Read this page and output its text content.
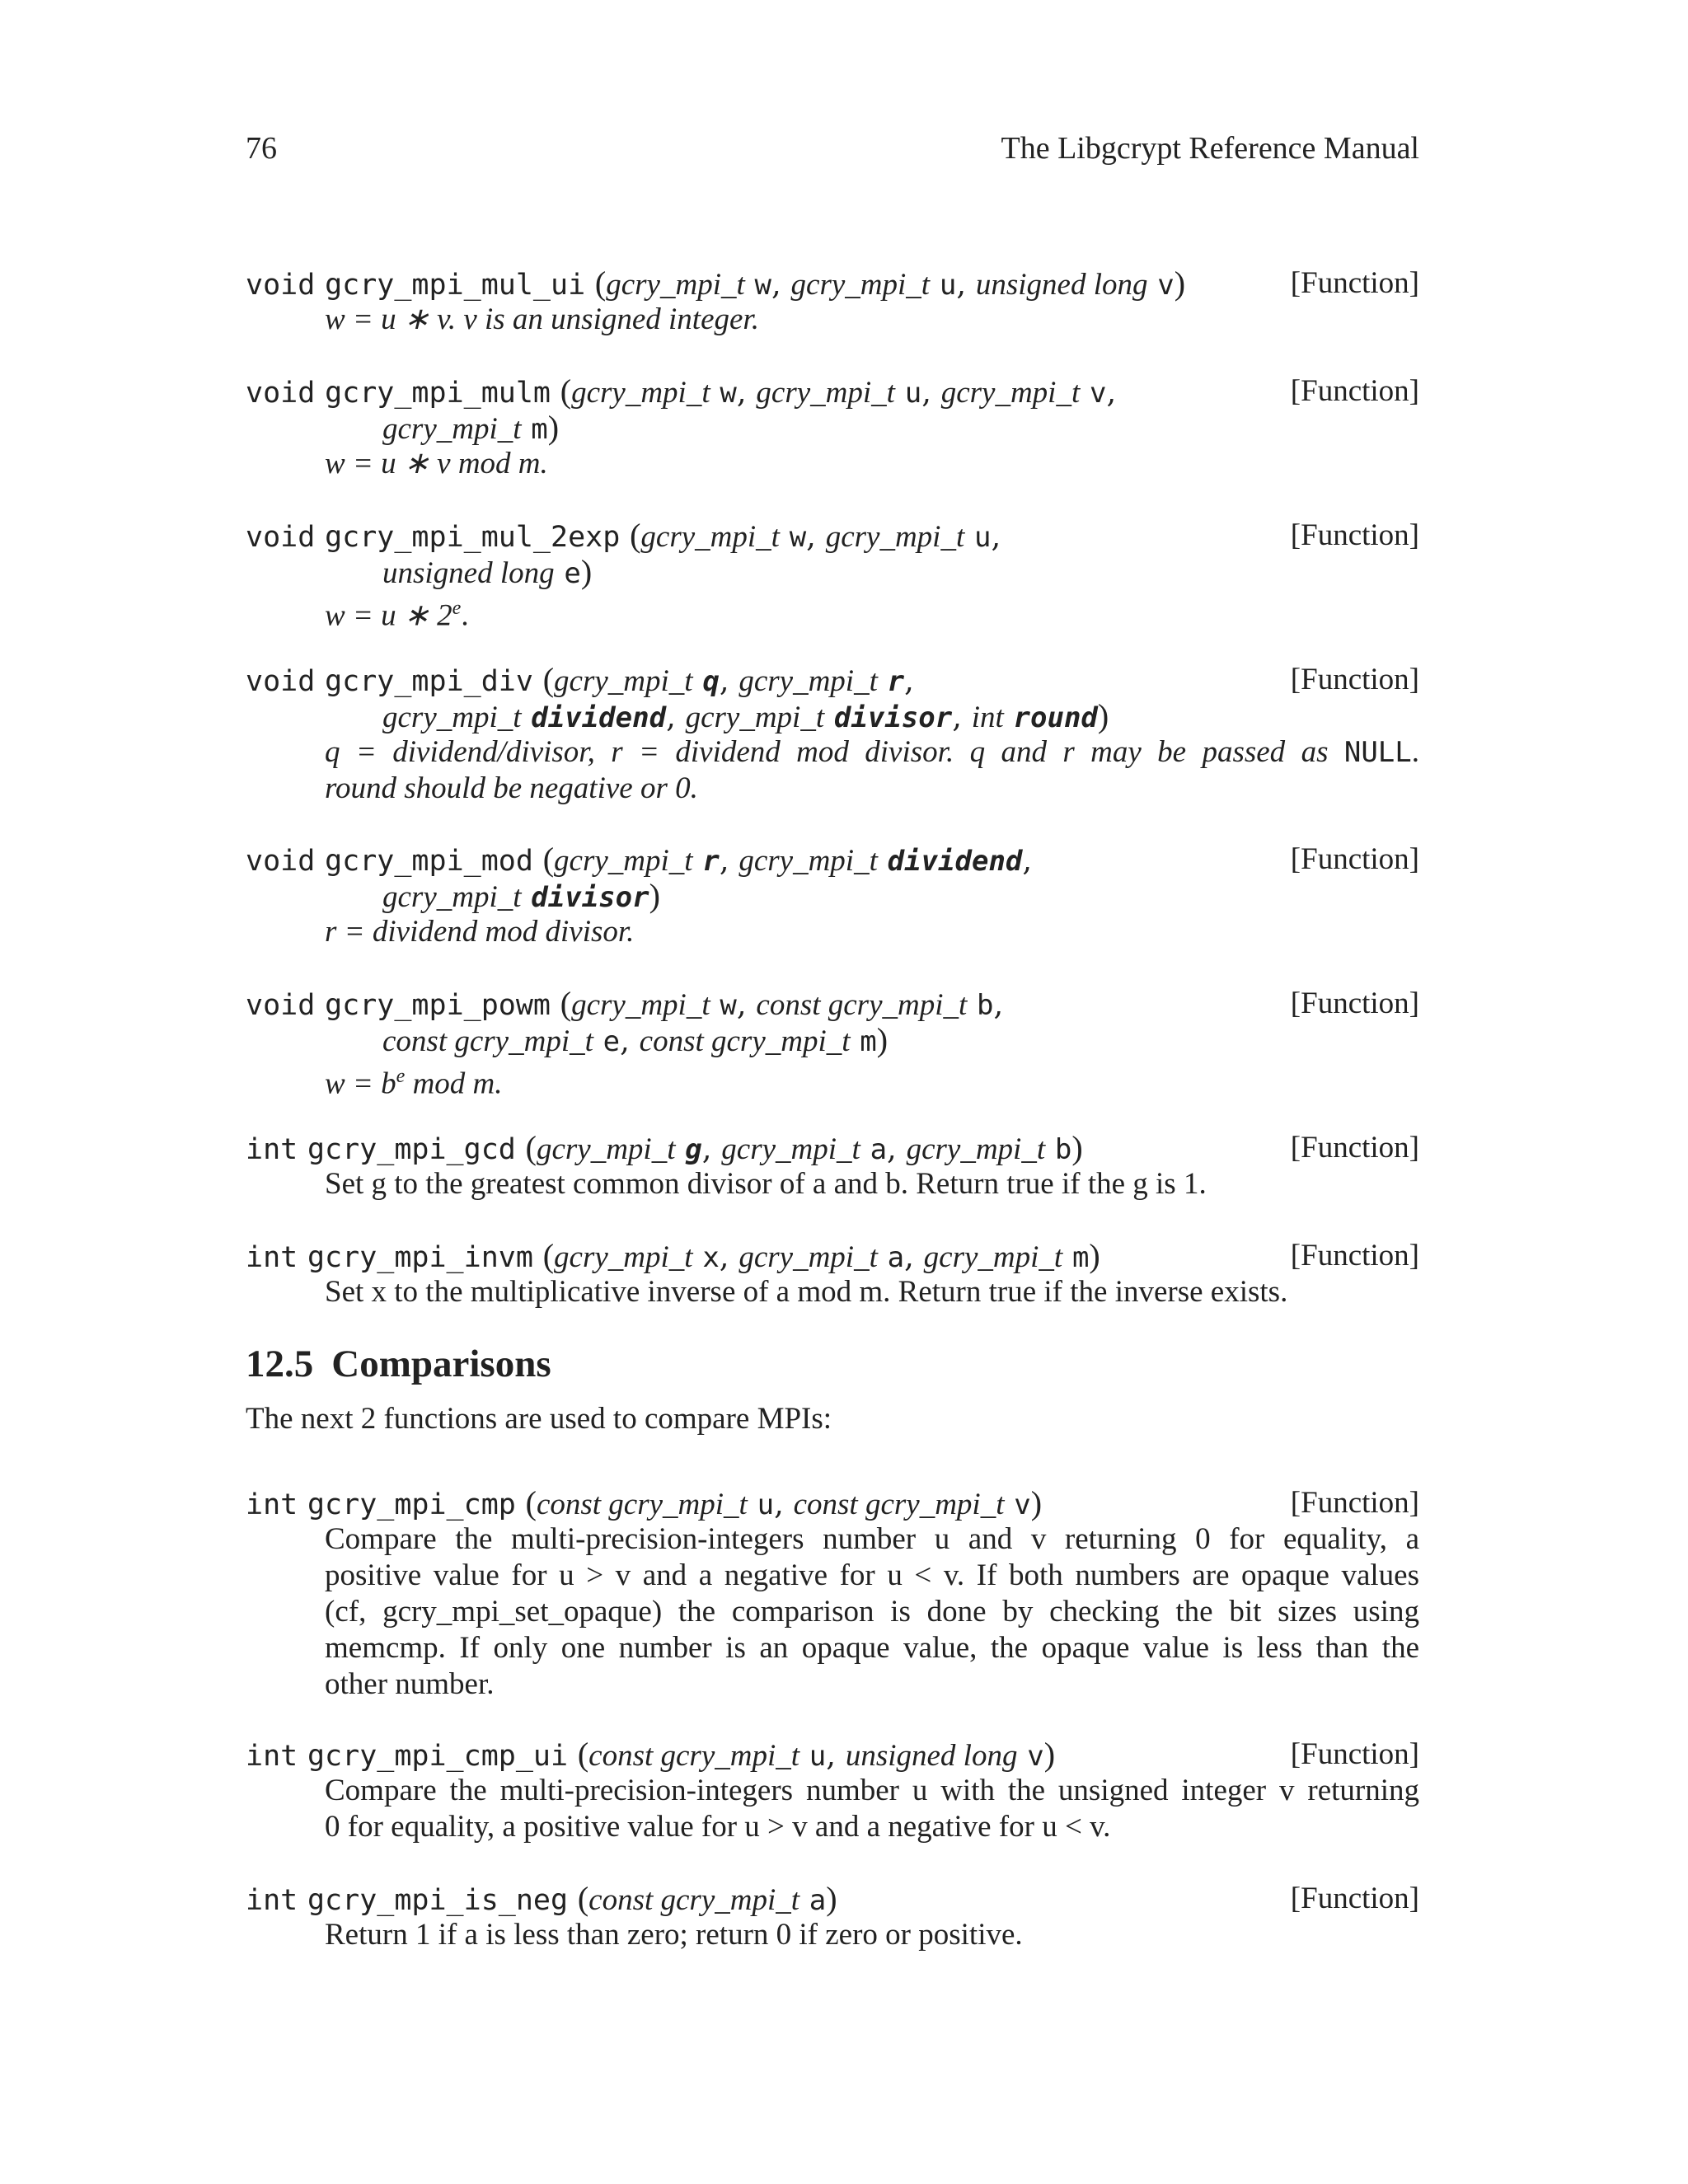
76	The Libgcrypt Reference Manual
void gcry_mpi_mul_ui (gcry_mpi_t w, gcry_mpi_t u, unsigned long v)	[Function]
w = u ∗ v. v is an unsigned integer.
void gcry_mpi_mulm (gcry_mpi_t w, gcry_mpi_t u, gcry_mpi_t v,	[Function]
gcry_mpi_t m)
w = u ∗ v mod m.
void gcry_mpi_mul_2exp (gcry_mpi_t w, gcry_mpi_t u,	[Function]
unsigned long e)
w = u ∗ 2e.
void gcry_mpi_div (gcry_mpi_t q, gcry_mpi_t r,	[Function]
gcry_mpi_t dividend, gcry_mpi_t divisor, int round)
q = dividend/divisor, r = dividend mod divisor. q and r may be passed as NULL.
round should be negative or 0.
void gcry_mpi_mod (gcry_mpi_t r, gcry_mpi_t dividend,	[Function]
gcry_mpi_t divisor)
r = dividend mod divisor.
void gcry_mpi_powm (gcry_mpi_t w, const gcry_mpi_t b,	[Function]
const gcry_mpi_t e, const gcry_mpi_t m)
$w = b^e$ mod m.
int gcry_mpi_gcd (gcry_mpi_t g, gcry_mpi_t a, gcry_mpi_t b)	[Function]
Set g to the greatest common divisor of a and b. Return true if the g is 1.
int gcry_mpi_invm (gcry_mpi_t x, gcry_mpi_t a, gcry_mpi_t m)	[Function]
Set x to the multiplicative inverse of a mod m. Return true if the inverse exists.
12.5 Comparisons
The next 2 functions are used to compare MPIs:
int gcry_mpi_cmp (const gcry_mpi_t u, const gcry_mpi_t v)	[Function]
Compare the multi-precision-integers number u and v returning 0 for equality, a
positive value for u > v and a negative for u < v. If both numbers are opaque values
(cf, gcry_mpi_set_opaque) the comparison is done by checking the bit sizes using
memcmp. If only one number is an opaque value, the opaque value is less than the
other number.
int gcry_mpi_cmp_ui (const gcry_mpi_t u, unsigned long v)	[Function]
Compare the multi-precision-integers number u with the unsigned integer v returning
0 for equality, a positive value for u > v and a negative for u < v.
int gcry_mpi_is_neg (const gcry_mpi_t a)	[Function]
Return 1 if a is less than zero; return 0 if zero or positive.
